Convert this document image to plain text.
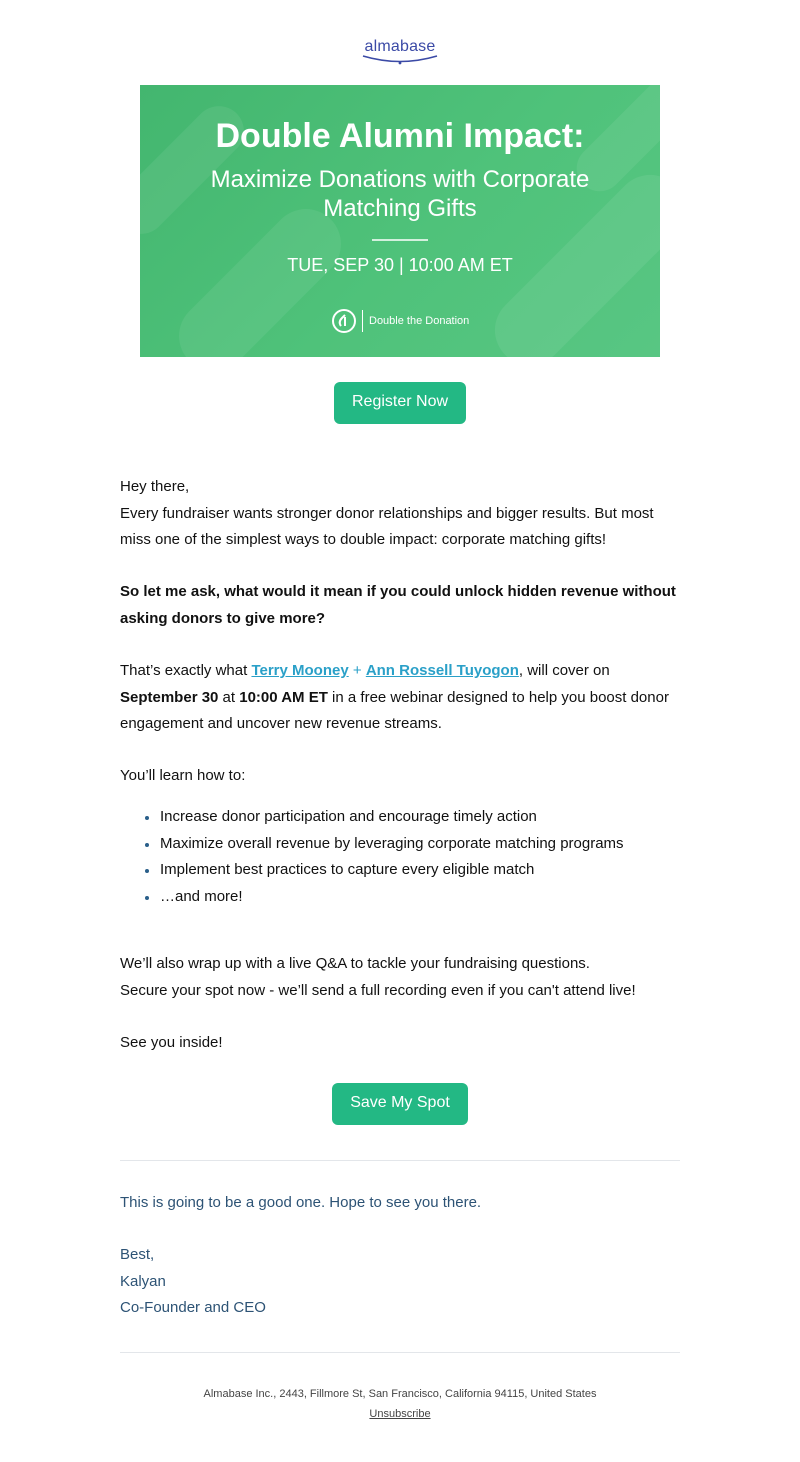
almabase
Double Alumni Impact:
Maximize Donations with Corporate
Matching Gifts
TUE, SEP 30 | 10:00 AM ET
Double the Donation
Register Now

Hey there,

Every fundraiser wants stronger donor relationships and bigger results. But most miss one of the simplest ways to double impact: corporate matching gifts!

So let me ask, what would it mean if you could unlock hidden revenue without asking donors to give more?
That’s exactly what Terry Mooney + Ann Rossell Tuyogon, will cover on September 30 at 10:00 AM ET in a free webinar designed to help you boost donor engagement and uncover new revenue streams.
You’ll learn how to:
Increase donor participation and encourage timely action
Maximize overall revenue by leveraging corporate matching programs
Implement best practices to capture every eligible match
…and more!

We’ll also wrap up with a live Q&A to tackle your fundraising questions.

Secure your spot now - we’ll send a full recording even if you can't attend live!

See you inside!
Save My Spot
This is going to be a good one. Hope to see you there.

Best,

Kalyan

Co-Founder and CEO

Almabase Inc., 2443, Fillmore St, San Francisco, California 94115, United States
Unsubscribe
